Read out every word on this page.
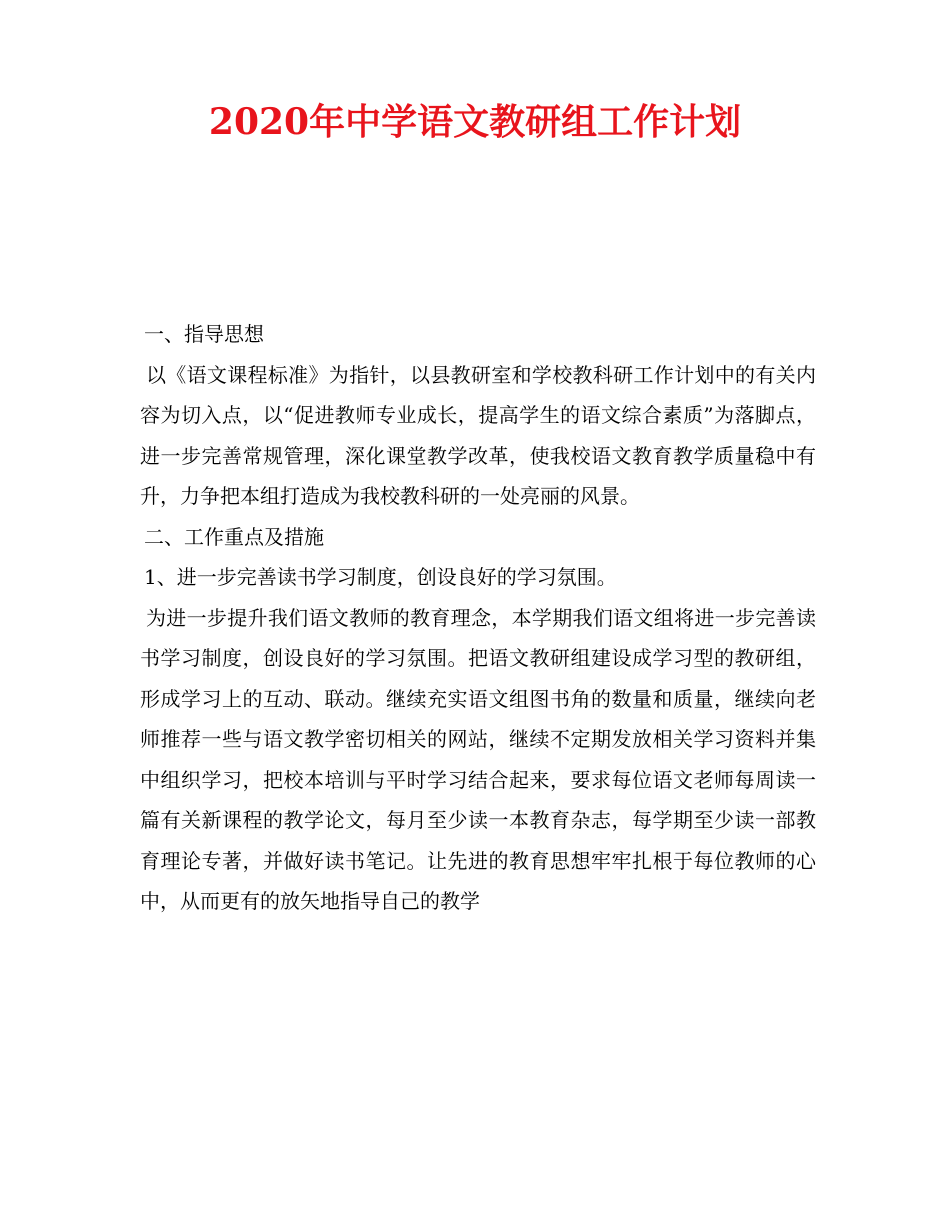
2020年中学语文教研组工作计划

一、指导思想

以《语文课程标准》为指针，以县教研室和学校教科研工作计划中的有关内容为切入点，以“促进教师专业成长，提高学生的语文综合素质”为落脚点，进一步完善常规管理，深化课堂教学改革，使我校语文教育教学质量稳中有升，力争把本组打造成为我校教科研的一处亮丽的风景。

二、工作重点及措施

1、进一步完善读书学习制度，创设良好的学习氛围。

为进一步提升我们语文教师的教育理念，本学期我们语文组将进一步完善读书学习制度，创设良好的学习氛围。把语文教研组建设成学习型的教研组，形成学习上的互动、联动。继续充实语文组图书角的数量和质量，继续向老师推荐一些与语文教学密切相关的网站，继续不定期发放相关学习资料并集中组织学习，把校本培训与平时学习结合起来，要求每位语文老师每周读一篇有关新课程的教学论文，每月至少读一本教育杂志，每学期至少读一部教育理论专著，并做好读书笔记。让先进的教育思想牢牢扎根于每位教师的心中，从而更有的放矢地指导自己的教学
